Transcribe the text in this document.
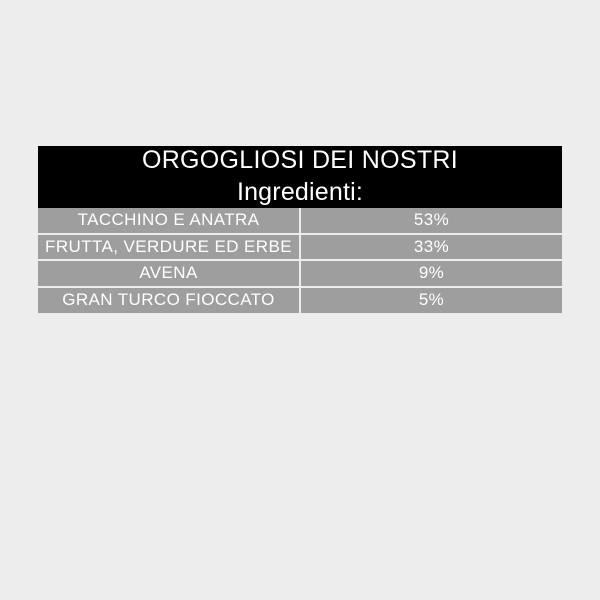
ORGOGLIOSI DEI NOSTRI
Ingredienti:	

TACCHINO E ANATRA	53%
FRUTTA, VERDURE ED ERBE	33%
AVENA	9%
GRAN TURCO FIOCCATO	5%
